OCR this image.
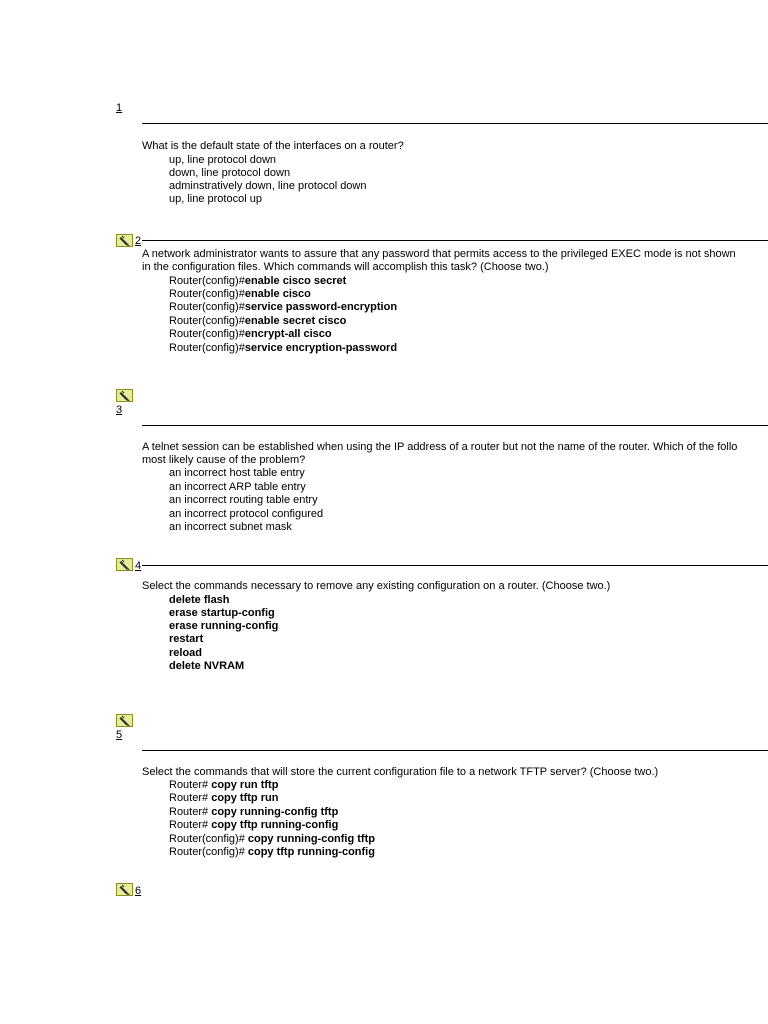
1
What is the default state of the interfaces on a router?
up, line protocol down
down, line protocol down
adminstratively down, line protocol down
up, line protocol up
2
A network administrator wants to assure that any password that permits access to the privileged EXEC mode is not shown
in the configuration files. Which commands will accomplish this task? (Choose two.)
Router(config)#enable cisco secret
Router(config)#enable cisco
Router(config)#service password-encryption
Router(config)#enable secret cisco
Router(config)#encrypt-all cisco
Router(config)#service encryption-password
3
A telnet session can be established when using the IP address of a router but not the name of the router. Which of the follo
most likely cause of the problem?
an incorrect host table entry
an incorrect ARP table entry
an incorrect routing table entry
an incorrect protocol configured
an incorrect subnet mask
4
Select the commands necessary to remove any existing configuration on a router. (Choose two.)
delete flash
erase startup-config
erase running-config
restart
reload
delete NVRAM
5
Select the commands that will store the current configuration file to a network TFTP server? (Choose two.)
Router# copy run tftp
Router# copy tftp run
Router# copy running-config tftp
Router# copy tftp running-config
Router(config)# copy running-config tftp
Router(config)# copy tftp running-config
6
